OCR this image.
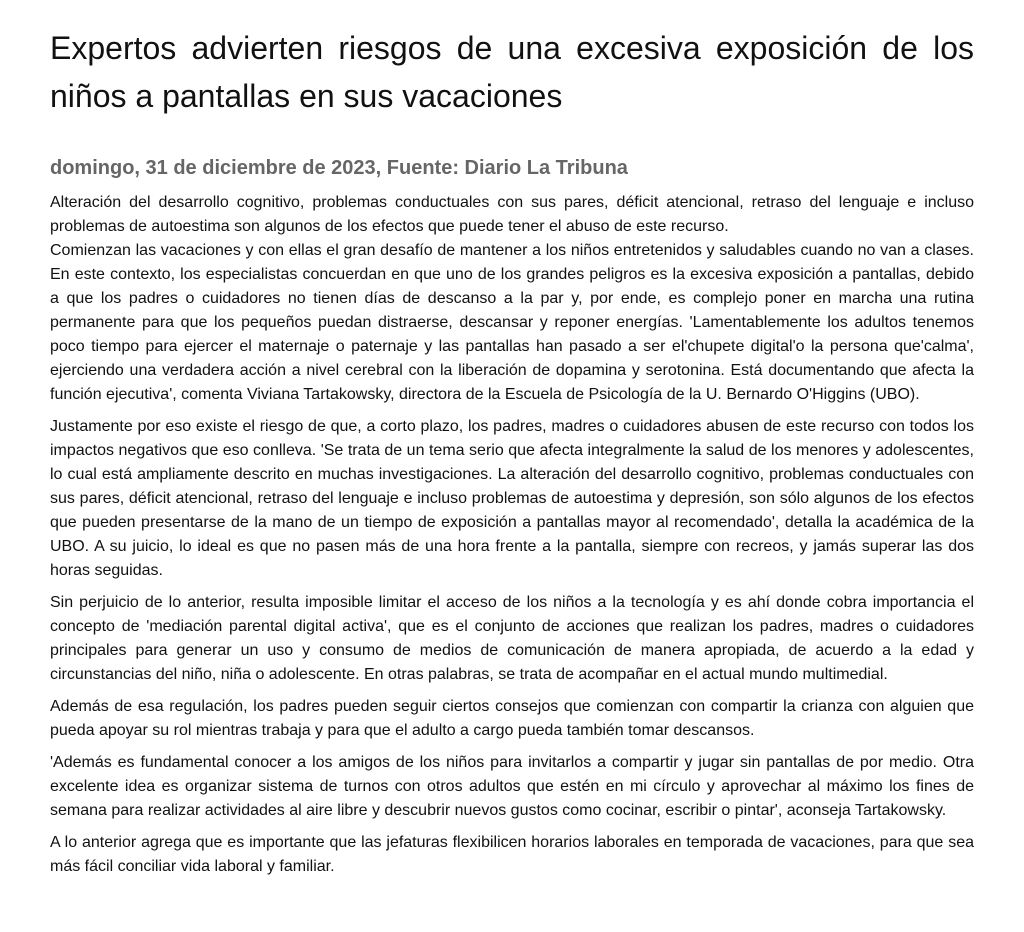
Expertos advierten riesgos de una excesiva exposición de los niños a pantallas en sus vacaciones
domingo, 31 de diciembre de 2023, Fuente: Diario La Tribuna

Alteración del desarrollo cognitivo, problemas conductuales con sus pares, déficit atencional, retraso del lenguaje e incluso problemas de autoestima son algunos de los efectos que puede tener el abuso de este recurso.

Comienzan las vacaciones y con ellas el gran desafío de mantener a los niños entretenidos y saludables cuando no van a clases. En este contexto, los especialistas concuerdan en que uno de los grandes peligros es la excesiva exposición a pantallas, debido a que los padres o cuidadores no tienen días de descanso a la par y, por ende, es complejo poner en marcha una rutina permanente para que los pequeños puedan distraerse, descansar y reponer energías. 'Lamentablemente los adultos tenemos poco tiempo para ejercer el maternaje o paternaje y las pantallas han pasado a ser el'chupete digital'o la persona que'calma', ejerciendo una verdadera acción a nivel cerebral con la liberación de dopamina y serotonina. Está documentando que afecta la función ejecutiva', comenta Viviana Tartakowsky, directora de la Escuela de Psicología de la U. Bernardo O'Higgins (UBO).

Justamente por eso existe el riesgo de que, a corto plazo, los padres, madres o cuidadores abusen de este recurso con todos los impactos negativos que eso conlleva. 'Se trata de un tema serio que afecta integralmente la salud de los menores y adolescentes, lo cual está ampliamente descrito en muchas investigaciones. La alteración del desarrollo cognitivo, problemas conductuales con sus pares, déficit atencional, retraso del lenguaje e incluso problemas de autoestima y depresión, son sólo algunos de los efectos que pueden presentarse de la mano de un tiempo de exposición a pantallas mayor al recomendado', detalla la académica de la UBO. A su juicio, lo ideal es que no pasen más de una hora frente a la pantalla, siempre con recreos, y jamás superar las dos horas seguidas.

Sin perjuicio de lo anterior, resulta imposible limitar el acceso de los niños a la tecnología y es ahí donde cobra importancia el concepto de 'mediación parental digital activa', que es el conjunto de acciones que realizan los padres, madres o cuidadores principales para generar un uso y consumo de medios de comunicación de manera apropiada, de acuerdo a la edad y circunstancias del niño, niña o adolescente. En otras palabras, se trata de acompañar en el actual mundo multimedial.

Además de esa regulación, los padres pueden seguir ciertos consejos que comienzan con compartir la crianza con alguien que pueda apoyar su rol mientras trabaja y para que el adulto a cargo pueda también tomar descansos.

'Además es fundamental conocer a los amigos de los niños para invitarlos a compartir y jugar sin pantallas de por medio. Otra excelente idea es organizar sistema de turnos con otros adultos que estén en mi círculo y aprovechar al máximo los fines de semana para realizar actividades al aire libre y descubrir nuevos gustos como cocinar, escribir o pintar', aconseja Tartakowsky.

A lo anterior agrega que es importante que las jefaturas flexibilicen horarios laborales en temporada de vacaciones, para que sea más fácil conciliar vida laboral y familiar.
